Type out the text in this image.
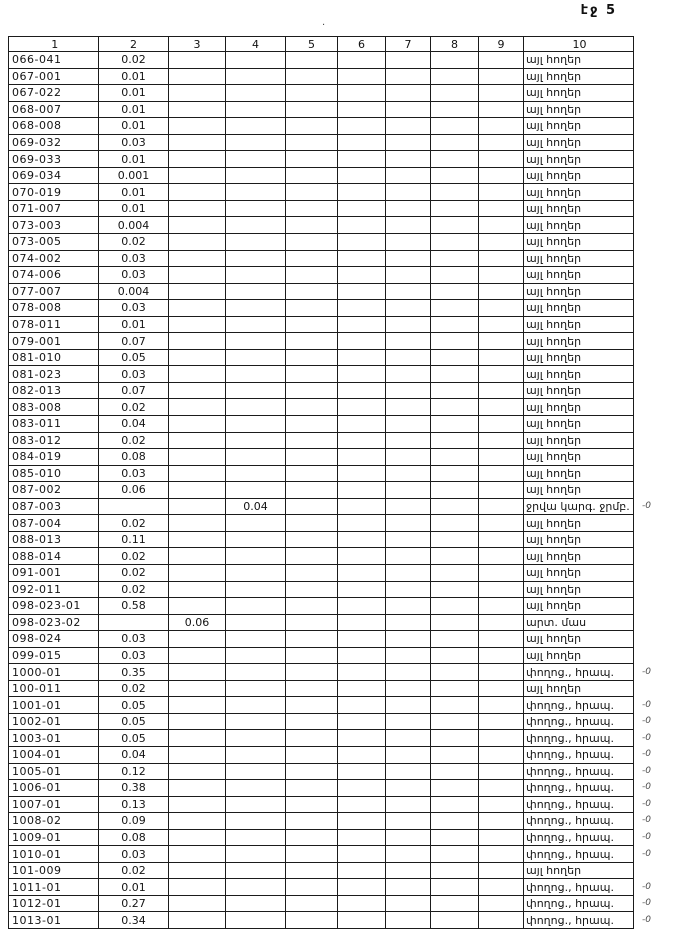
էջ 5
·
1	2	3	4	5	6	7	8	9	10	
066-041	0.02								այլ հողեր	
067-001	0.01								այլ հողեր	
067-022	0.01								այլ հողեր	
068-007	0.01								այլ հողեր	
068-008	0.01								այլ հողեր	
069-032	0.03								այլ հողեր	
069-033	0.01								այլ հողեր	
069-034	0.001								այլ հողեր	
070-019	0.01								այլ հողեր	
071-007	0.01								այլ հողեր	
073-003	0.004								այլ հողեր	
073-005	0.02								այլ հողեր	
074-002	0.03								այլ հողեր	
074-006	0.03								այլ հողեր	
077-007	0.004								այլ հողեր	
078-008	0.03								այլ հողեր	
078-011	0.01								այլ հողեր	
079-001	0.07								այլ հողեր	
081-010	0.05								այլ հողեր	
081-023	0.03								այլ հողեր	
082-013	0.07								այլ հողեր	
083-008	0.02								այլ հողեր	
083-011	0.04								այլ հողեր	
083-012	0.02								այլ հողեր	
084-019	0.08								այլ հողեր	
085-010	0.03								այլ հողեր	
087-002	0.06								այլ հողեր	
087-003			0.04						ջրվա կարգ. ջրմբ.	-0
087-004	0.02								այլ հողեր	
088-013	0.11								այլ հողեր	
088-014	0.02								այլ հողեր	
091-001	0.02								այլ հողեր	
092-011	0.02								այլ հողեր	
098-023-01	0.58								այլ հողեր	
098-023-02		0.06							արտ. մաս	
098-024	0.03								այլ հողեր	
099-015	0.03								այլ հողեր	
1000-01	0.35								փողոց., հրապ.	-0
100-011	0.02								այլ հողեր	
1001-01	0.05								փողոց., հրապ.	-0
1002-01	0.05								փողոց., հրապ.	-0
1003-01	0.05								փողոց., հրապ.	-0
1004-01	0.04								փողոց., հրապ.	-0
1005-01	0.12								փողոց., հրապ.	-0
1006-01	0.38								փողոց., հրապ.	-0
1007-01	0.13								փողոց., հրապ.	-0
1008-02	0.09								փողոց., հրապ.	-0
1009-01	0.08								փողոց., հրապ.	-0
1010-01	0.03								փողոց., հրապ.	-0
101-009	0.02								այլ հողեր	
1011-01	0.01								փողոց., հրապ.	-0
1012-01	0.27								փողոց., հրապ.	-0
1013-01	0.34								փողոց., հրապ.	-0
